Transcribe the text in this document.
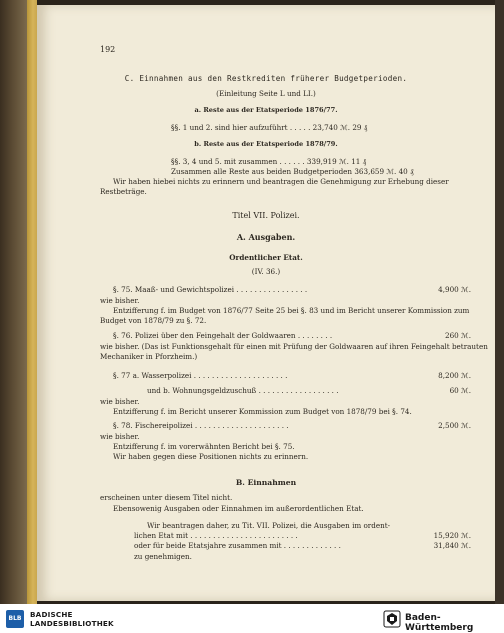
192
C. Einnahmen aus den Restkrediten früherer Budgetperioden.
(Einleitung Seite L und LI.)
a. Reste aus der Etatsperiode 1876/77.
§§. 1 und 2. sind hier aufzuführt . . . . . 23,740 ℳ. 29 ₰
b. Reste aus der Etatsperiode 1878/79.
§§. 3, 4 und 5. mit zusammen . . . . . . 339,919 ℳ. 11 ₰
Zusammen alle Reste aus beiden Budgetperioden 363,659 ℳ. 40 ₰
Wir haben hiebei nichts zu erinnern und beantragen die Genehmigung zur Erhebung dieser
Restbeträge.
Titel VII. Polizei.
A. Ausgaben.
Ordentlicher Etat.
(IV. 36.)
§. 75. Maaß- und Gewichtspolizei . . . . . . . . . . . . . . . .	4,900 ℳ.
wie bisher.
Entzifferung f. im Budget von 1876/77 Seite 25 bei §. 83 und im Bericht unserer Kommission zum
Budget von 1878/79 zu §. 72.
§. 76. Polizei über den Feingehalt der Goldwaaren . . . . . . . .	260 ℳ.
wie bisher. (Das ist Funktionsgehalt für einen mit Prüfung der Goldwaaren auf ihren Feingehalt betrauten
Mechaniker in Pforzheim.)
§. 77 a. Wasserpolizei . . . . . . . . . . . . . . . . . . . . .	8,200 ℳ.
und b. Wohnungsgeldzuschuß . . . . . . . . . . . . . . . . . .	60 ℳ.
wie bisher.
Entzifferung f. im Bericht unserer Kommission zum Budget von 1878/79 bei §. 74.
§. 78. Fischereipolizei . . . . . . . . . . . . . . . . . . . . .	2,500 ℳ.
wie bisher.
Entzifferung f. im vorerwähnten Bericht bei §. 75.
Wir haben gegen diese Positionen nichts zu erinnern.
B. Einnahmen
erscheinen unter diesem Titel nicht.
Ebensowenig Ausgaben oder Einnahmen im außerordentlichen Etat.
Wir beantragen daher, zu Tit. VII. Polizei, die Ausgaben im ordent-
lichen Etat mit . . . . . . . . . . . . . . . . . . . . . . . .	15,920 ℳ.
oder für beide Etatsjahre zusammen mit . . . . . . . . . . . . .	31,840 ℳ.
zu genehmigen.
BLB	BADISCHE
LANDESBIBLIOTHEK
Baden-Württemberg
